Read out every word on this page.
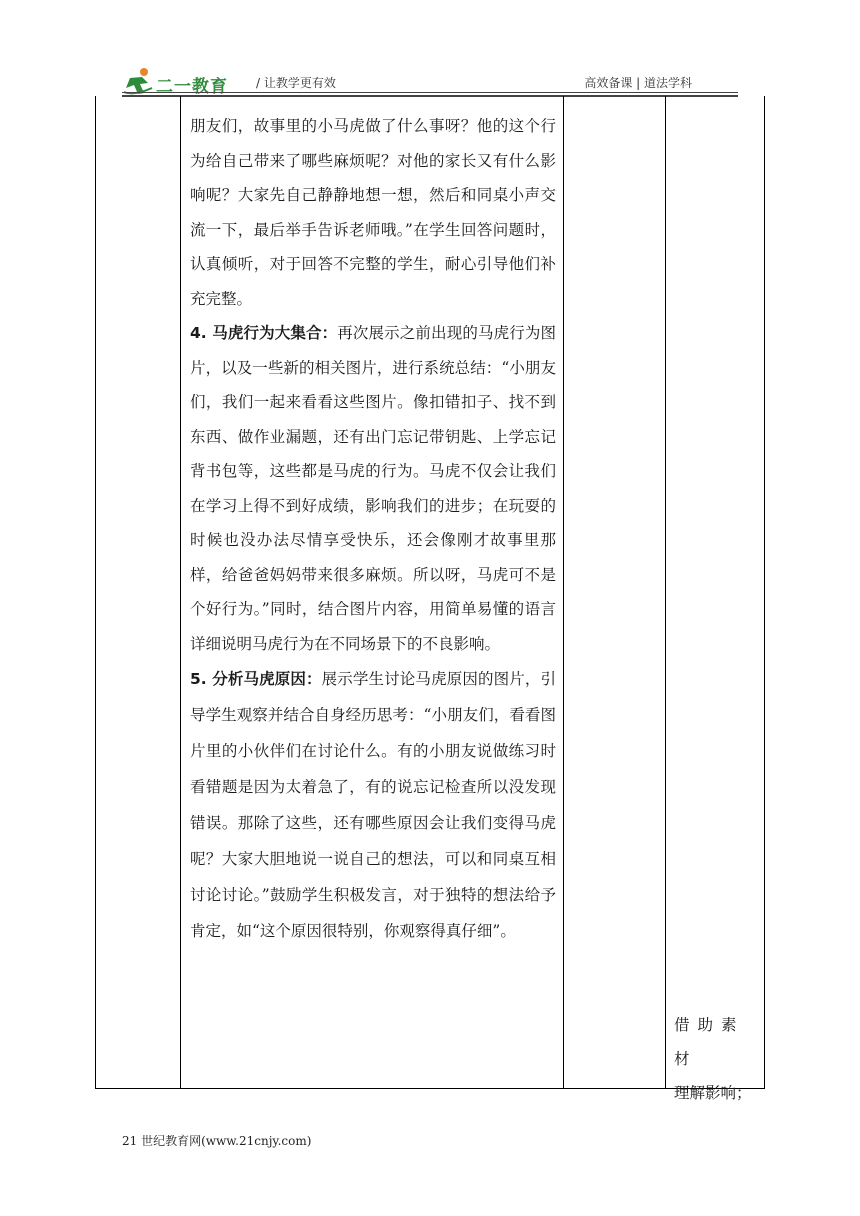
二一教育 / 让教学更有效	高效备课 | 道法学科

朋友们，故事里的小马虎做了什么事呀？他的这个行为给自己带来了哪些麻烦呢？对他的家长又有什么影响呢？大家先自己静静地想一想，然后和同桌小声交流一下，最后举手告诉老师哦。”在学生回答问题时，认真倾听，对于回答不完整的学生，耐心引导他们补充完整。

4. 马虎行为大集合：再次展示之前出现的马虎行为图片，以及一些新的相关图片，进行系统总结：“小朋友们，我们一起来看看这些图片。像扣错扣子、找不到东西、做作业漏题，还有出门忘记带钥匙、上学忘记背书包等，这些都是马虎的行为。马虎不仅会让我们在学习上得不到好成绩，影响我们的进步；在玩耍的时候也没办法尽情享受快乐，还会像刚才故事里那样，给爸爸妈妈带来很多麻烦。所以呀，马虎可不是个好行为。”同时，结合图片内容，用简单易懂的语言详细说明马虎行为在不同场景下的不良影响。

5. 分析马虎原因：展示学生讨论马虎原因的图片，引导学生观察并结合自身经历思考：“小朋友们，看看图片里的小伙伴们在讨论什么。有的小朋友说做练习时看错题是因为太着急了，有的说忘记检查所以没发现错误。那除了这些，还有哪些原因会让我们变得马虎呢？大家大胆地说一说自己的想法，可以和同桌互相讨论讨论。”鼓励学生积极发言，对于独特的想法给予肯定，如“这个原因很特别，你观察得真仔细”。

借助素材
理解影响；
21 世纪教育网(www.21cnjy.com)
